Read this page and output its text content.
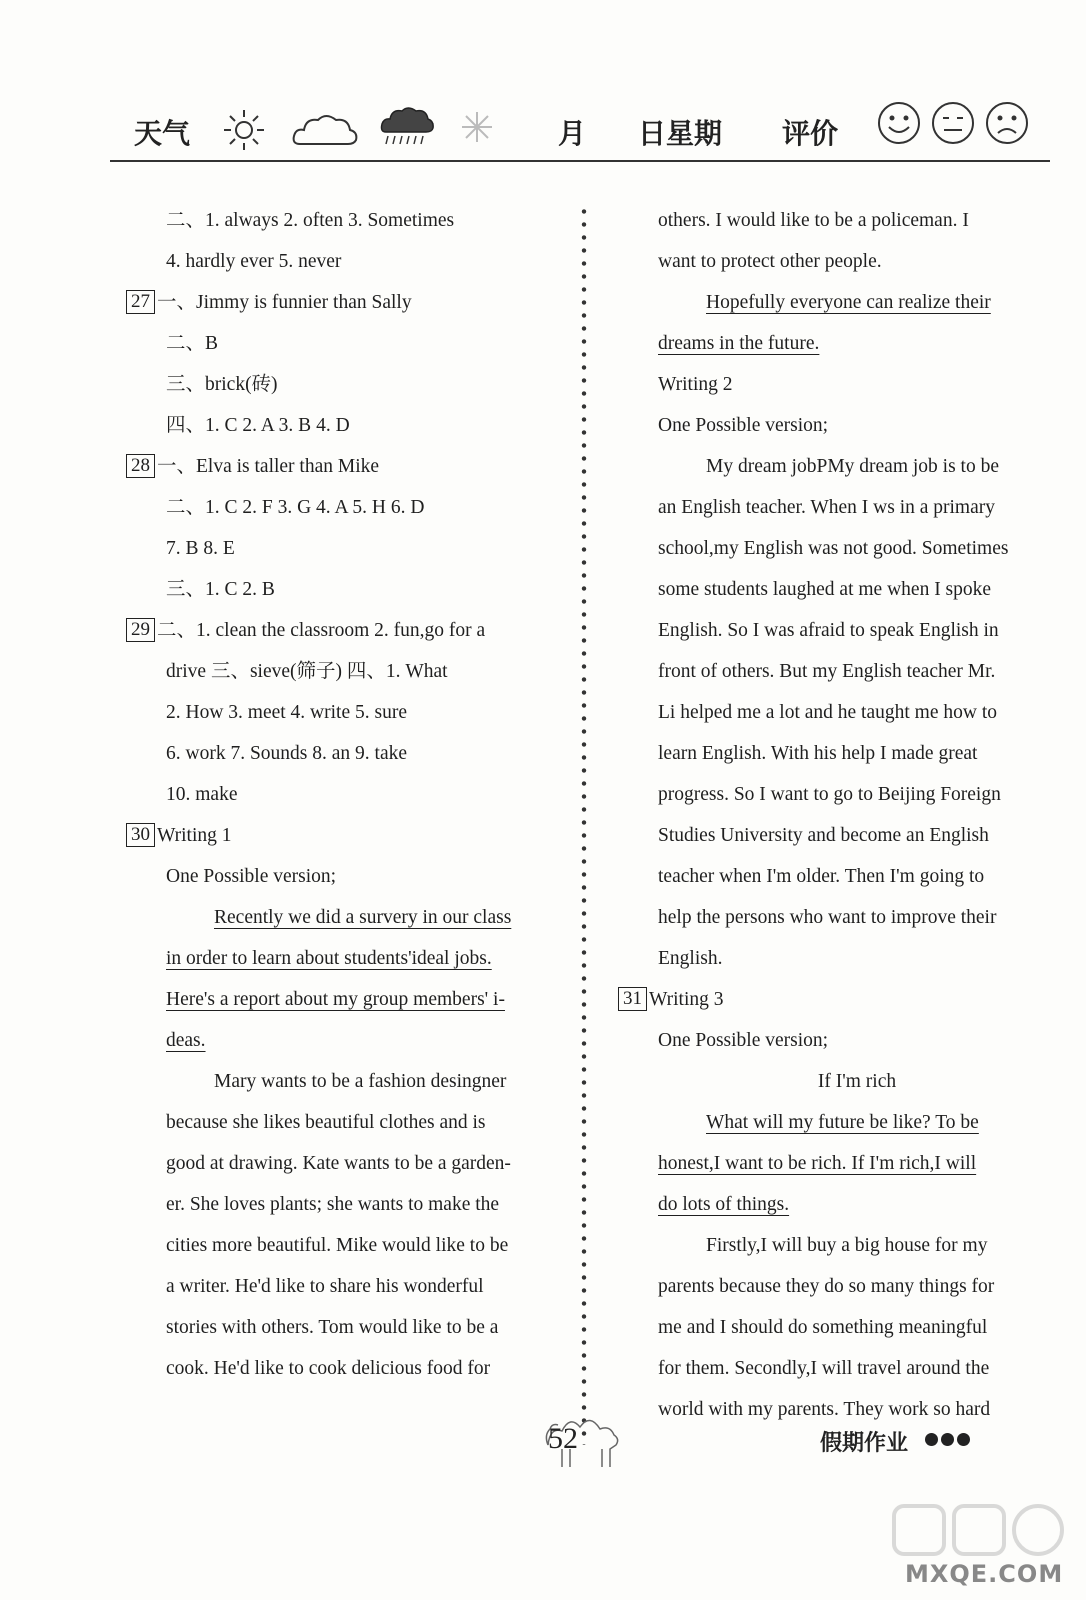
天气	月 日星期 评价
二、1. always 2. often 3. Sometimes
4. hardly ever 5. never
27 一、Jimmy is funnier than Sally
二、B
三、brick(砖)
四、1. C 2. A 3. B 4. D
28 一、Elva is taller than Mike
二、1. C 2. F 3. G 4. A 5. H 6. D
7. B 8. E
三、1. C 2. B
29 二、1. clean the classroom 2. fun,go for a
drive 三、sieve(筛子) 四、1. What
2. How 3. meet 4. write 5. sure
6. work 7. Sounds 8. an 9. take
10. make
30 Writing 1
One Possible version;
Recently we did a survery in our class
in order to learn about students'ideal jobs.
Here's a report about my group members' i-
deas.
Mary wants to be a fashion desingner
because she likes beautiful clothes and is
good at drawing. Kate wants to be a garden-
er. She loves plants; she wants to make the
cities more beautiful. Mike would like to be
a writer. He'd like to share his wonderful
stories with others. Tom would like to be a
cook. He'd like to cook delicious food for
others. I would like to be a policeman. I
want to protect other people.
Hopefully everyone can realize their
dreams in the future.
Writing 2
One Possible version;
My dream jobPMy dream job is to be
an English teacher. When I ws in a primary
school,my English was not good. Sometimes
some students laughed at me when I spoke
English. So I was afraid to speak English in
front of others. But my English teacher Mr.
Li helped me a lot and he taught me how to
learn English. With his help I made great
progress. So I want to go to Beijing Foreign
Studies University and become an English
teacher when I'm older. Then I'm going to
help the persons who want to improve their
English.
31 Writing 3
One Possible version;
If I'm rich
What will my future be like? To be
honest,I want to be rich. If I'm rich,I will
do lots of things.
Firstly,I will buy a big house for my
parents because they do so many things for
me and I should do something meaningful
for them. Secondly,I will travel around the
world with my parents. They work so hard
52	假期作业
MXQE.COM
